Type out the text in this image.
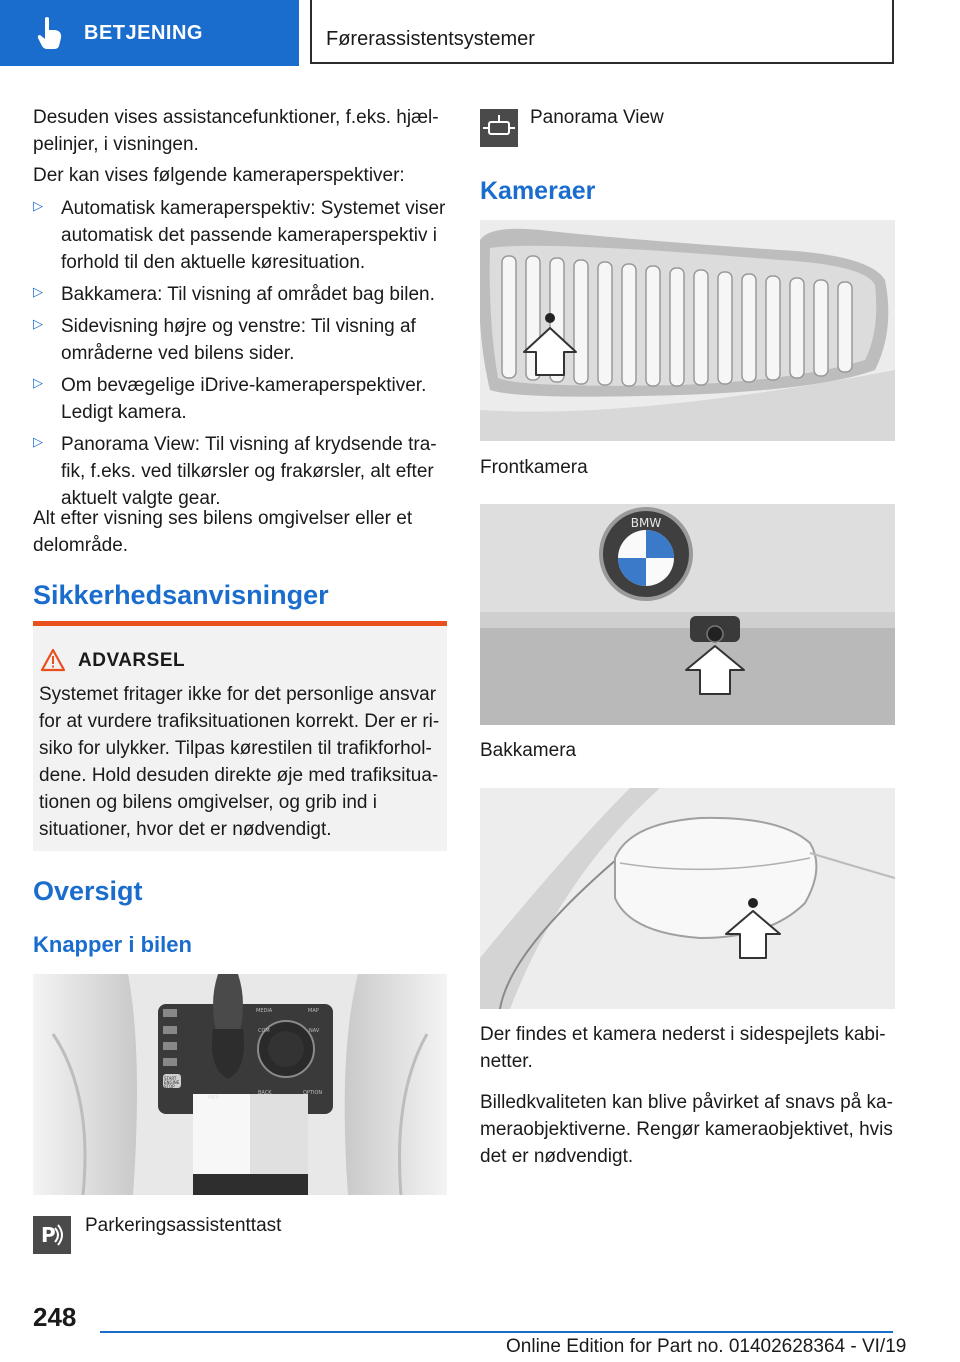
BETJENING	Førerassistentsystemer
Desuden vises assistancefunktioner, f.eks. hjæl-
pelinjer, i visningen.
Der kan vises følgende kameraperspektiver:
▷ Automatisk kameraperspektiv: Systemet viser
automatisk det passende kameraperspektiv i
forhold til den aktuelle køresituation.
▷ Bakkamera: Til visning af området bag bilen.
▷ Sidevisning højre og venstre: Til visning af
områderne ved bilens sider.
▷ Om bevægelige iDrive-kameraperspektiver.
Ledigt kamera.
▷ Panorama View: Til visning af krydsende tra-
fik, f.eks. ved tilkørsler og frakørsler, alt efter
aktuelt valgte gear.
Alt efter visning ses bilens omgivelser eller et
delområde.
Sikkerhedsanvisninger
ADVARSEL
Systemet fritager ikke for det personlige ansvar
for at vurdere trafiksituationen korrekt. Der er ri-
siko for ulykker. Tilpas kørestilen til trafikforhol-
dene. Hold desuden direkte øje med trafiksitua-
tionen og bilens omgivelser, og grib ind i
situationer, hvor det er nødvendigt.
Oversigt
Knapper i bilen
MEDIA	MAP
COM	NAV
BACK	OPTION
START
ENGINE
STOP
M/S
P Parkeringsassistenttast
Panorama View
Kameraer
Frontkamera
BMW
Bakkamera
Der findes et kamera nederst i sidespejlets kabi-
netter.
Billedkvaliteten kan blive påvirket af snavs på ka-
meraobjektiverne. Rengør kameraobjektivet, hvis
det er nødvendigt.
248
Online Edition for Part no. 01402628364 - VI/19
